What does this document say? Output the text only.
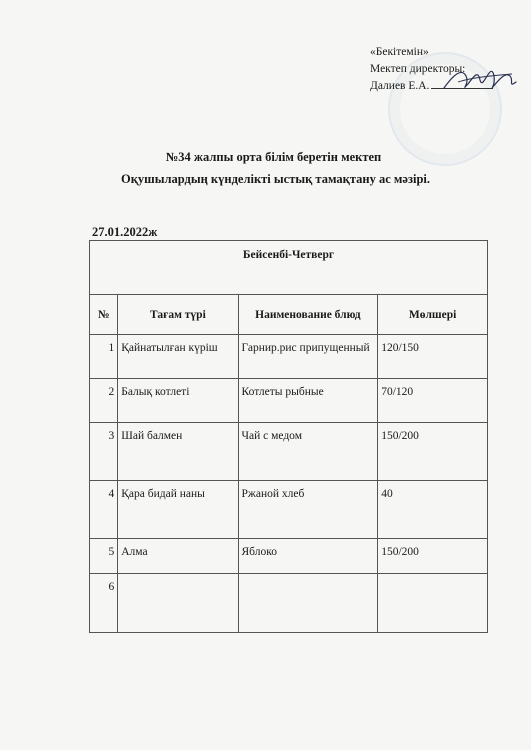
«Бекітемін»
Мектеп директоры:
Далиев Е.А.
№34 жалпы орта білім беретін мектеп
Оқушылардың күнделікті ыстық тамақтану ас мәзірі.
27.01.2022ж
Бейсенбі-Четверг			
№	Тағам түрі	Наименование блюд	Мөлшері
1	Қайнатылған күріш	Гарнир.рис припущенный	120/150
2	Балық котлеті	Котлеты рыбные	70/120
3	Шай балмен	Чай с медом	150/200
4	Қара бидай наны	Ржаной хлеб	40
5	Алма	Яблоко	150/200
6			
